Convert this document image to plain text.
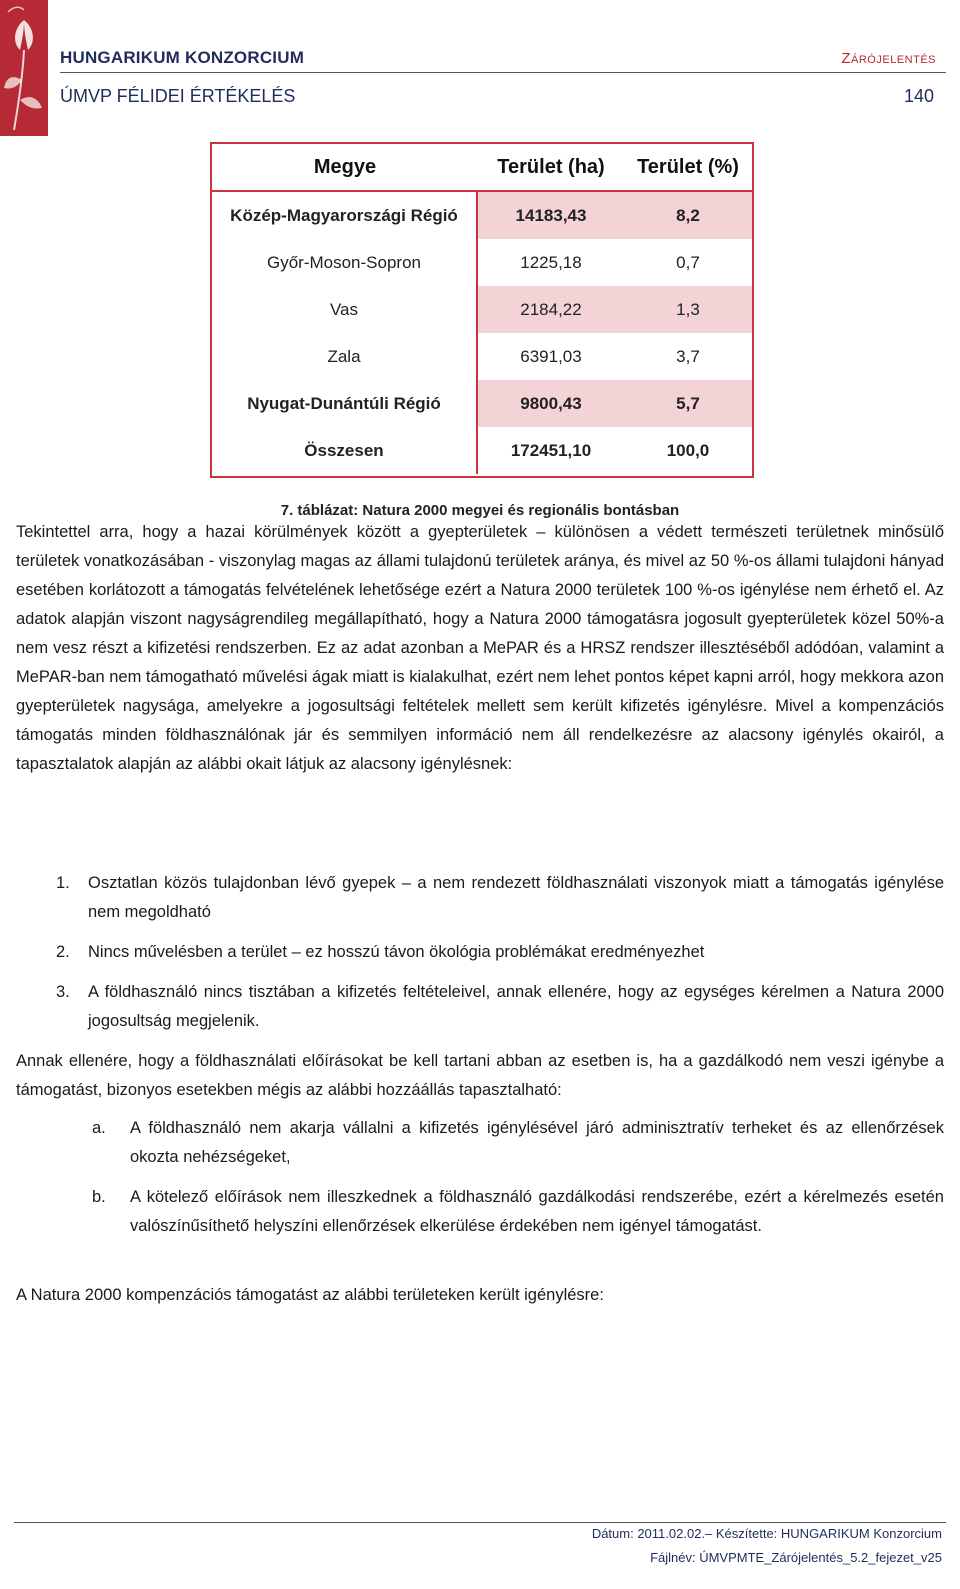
HUNGARIKUM KONZORCIUM	Zárójelentés
ÚMVP FÉLIDEI ÉRTÉKELÉS	140
Megye	Terület (ha)	Terület (%)
Közép-Magyarországi Régió	14183,43	8,2
Győr-Moson-Sopron	1225,18	0,7
Vas	2184,22	1,3
Zala	6391,03	3,7
Nyugat-Dunántúli Régió	9800,43	5,7
Összesen	172451,10	100,0
7. táblázat: Natura 2000 megyei és regionális bontásban
Tekintettel arra, hogy a hazai körülmények között a gyepterületek – különösen a védett természeti területnek minősülő területek vonatkozásában - viszonylag magas az állami tulajdonú területek aránya, és mivel az 50 %-os állami tulajdoni hányad esetében korlátozott a támogatás felvételének lehetősége ezért a Natura 2000 területek 100 %-os igénylése nem érhető el. Az adatok alapján viszont nagyságrendileg megállapítható, hogy a Natura 2000 támogatásra jogosult gyepterületek közel 50%-a nem vesz részt a kifizetési rendszerben. Ez az adat azonban a MePAR és a HRSZ rendszer illesztéséből adódóan, valamint a MePAR-ban nem támogatható művelési ágak miatt is kialakulhat, ezért nem lehet pontos képet kapni arról, hogy mekkora azon gyepterületek nagysága, amelyekre a jogosultsági feltételek mellett sem került kifizetés igénylésre. Mivel a kompenzációs támogatás minden földhasználónak jár és semmilyen információ nem áll rendelkezésre az alacsony igénylés okairól, a tapasztalatok alapján az alábbi okait látjuk az alacsony igénylésnek:
1.	Osztatlan közös tulajdonban lévő gyepek – a nem rendezett földhasználati viszonyok miatt a támogatás igénylése nem megoldható
2.	Nincs művelésben a terület – ez hosszú távon ökológia problémákat eredményezhet
3.	A földhasználó nincs tisztában a kifizetés feltételeivel, annak ellenére, hogy az egységes kérelmen a Natura 2000 jogosultság megjelenik.
Annak ellenére, hogy a földhasználati előírásokat be kell tartani abban az esetben is, ha a gazdálkodó nem veszi igénybe a támogatást, bizonyos esetekben mégis az alábbi hozzáállás tapasztalható:
a.	A földhasználó nem akarja vállalni a kifizetés igénylésével járó adminisztratív terheket és az ellenőrzések okozta nehézségeket,
b.	A kötelező előírások nem illeszkednek a földhasználó gazdálkodási rendszerébe, ezért a kérelmezés esetén valószínűsíthető helyszíni ellenőrzések elkerülése érdekében nem igényel támogatást.
A Natura 2000 kompenzációs támogatást az alábbi területeken került igénylésre:
Dátum: 2011.02.02.– Készítette: HUNGARIKUM Konzorcium
Fájlnév: ÚMVPMTE_Zárójelentés_5.2_fejezet_v25
